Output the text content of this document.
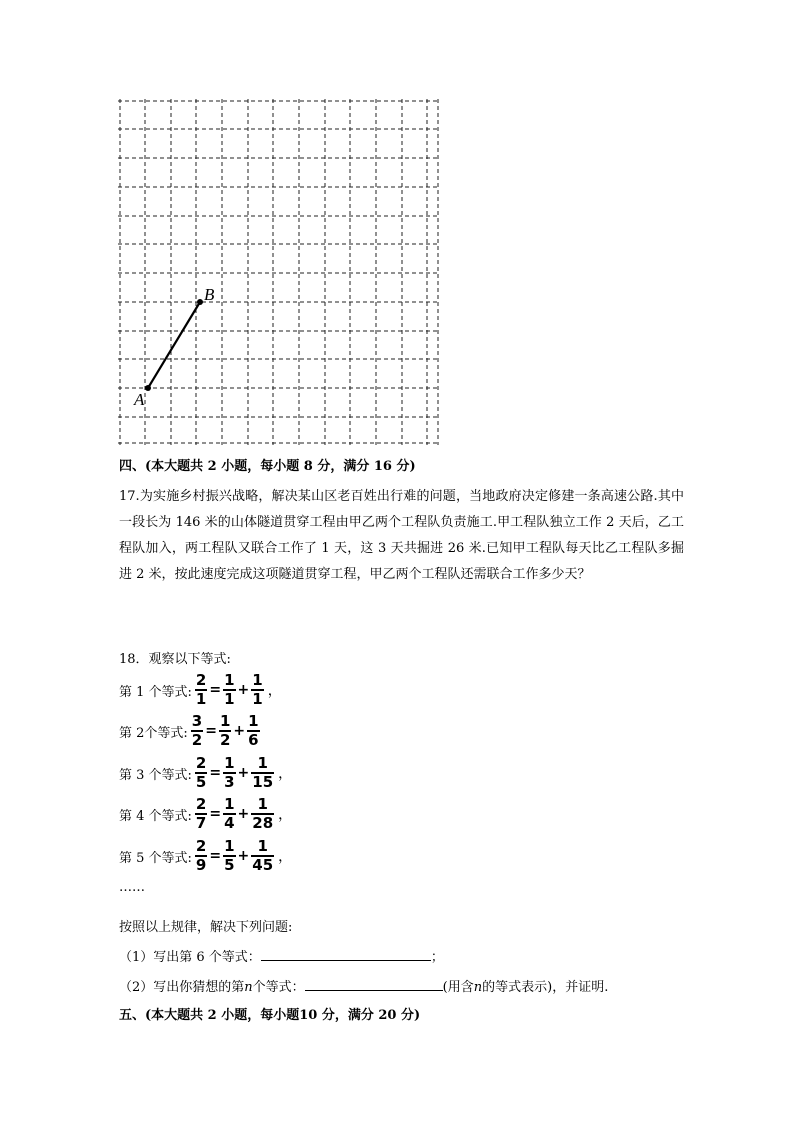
A
B
四、(本大题共 2 小题，每小题 8 分，满分 16 分)
17.为实施乡村振兴战略，解决某山区老百姓出行难的问题，当地政府决定修建一条高速公路.其中一段长为 146 米的山体隧道贯穿工程由甲乙两个工程队负责施工.甲工程队独立工作 2 天后，乙工程队加入，两工程队又联合工作了 1 天，这 3 天共掘进 26 米.已知甲工程队每天比乙工程队多掘进 2 米，按此速度完成这项隧道贯穿工程，甲乙两个工程队还需联合工作多少天？
18．观察以下等式:
第 1 个等式: $\frac{2}{1} = \frac{1}{1} + \frac{1}{1}$ ，
第 2个等式: $\frac{3}{2} = \frac{1}{2} + \frac{1}{6}$
第 3 个等式: $\frac{2}{5} = \frac{1}{3} + \frac{1}{15}$ ，
第 4 个等式: $\frac{2}{7} = \frac{1}{4} + \frac{1}{28}$ ，
第 5 个等式: $\frac{2}{9} = \frac{1}{5} + \frac{1}{45}$ ，
……
按照以上规律，解决下列问题:
（1）写出第 6 个等式：	；
（2）写出你猜想的第n个等式：	(用含n的等式表示)，并证明.
五、(本大题共 2 小题，每小题10 分，满分 20 分)
